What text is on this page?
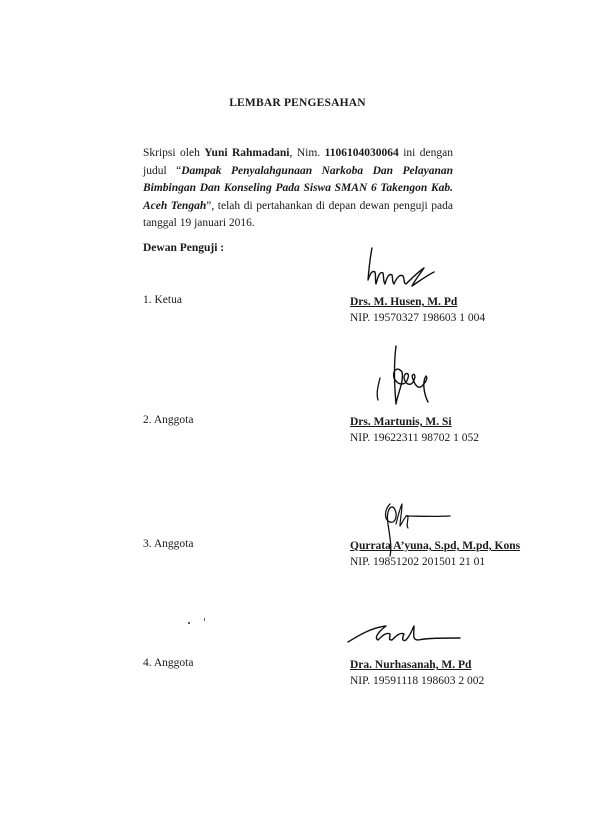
LEMBAR PENGESAHAN
Skripsi oleh Yuni Rahmadani, Nim. 1106104030064 ini dengan judul “Dampak Penyalahgunaan Narkoba Dan Pelayanan Bimbingan Dan Konseling Pada Siswa SMAN 6 Takengon Kab. Aceh Tengah”, telah di pertahankan di depan dewan penguji pada tanggal 19 januari 2016.
Dewan Penguji :
1. Ketua	Drs. M. Husen, M. Pd
NIP. 19570327 198603 1 004
2. Anggota	Drs. Martunis, M. Si
NIP. 19622311 98702 1 052
3. Anggota	Qurrata A’yuna, S.pd, M.pd, Kons
NIP. 19851202 201501 21 01
4. Anggota	Dra. Nurhasanah, M. Pd
NIP. 19591118 198603 2 002
